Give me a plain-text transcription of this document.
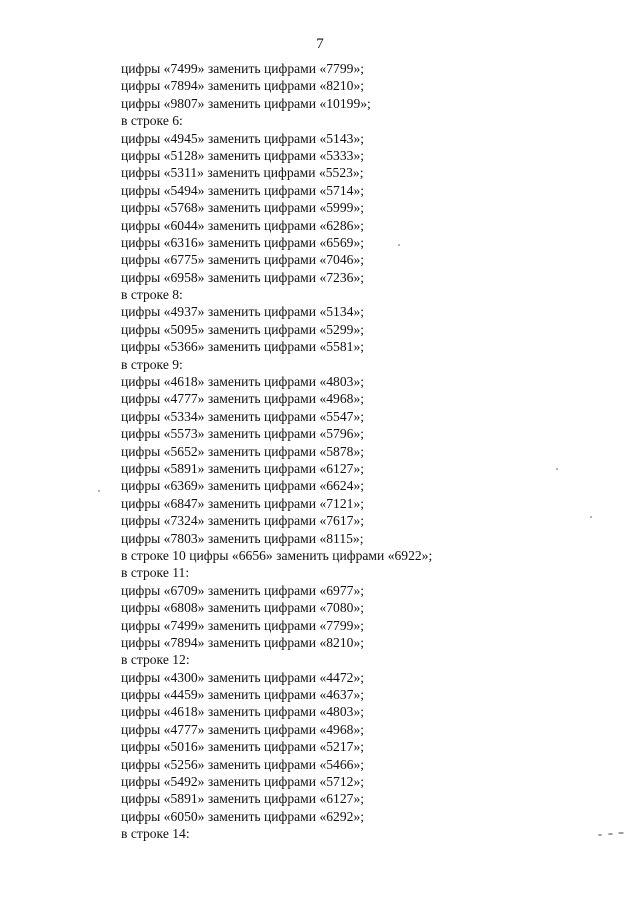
7
цифры «7499» заменить цифрами «7799»;
цифры «7894» заменить цифрами «8210»;
цифры «9807» заменить цифрами «10199»;
в строке 6:
цифры «4945» заменить цифрами «5143»;
цифры «5128» заменить цифрами «5333»;
цифры «5311» заменить цифрами «5523»;
цифры «5494» заменить цифрами «5714»;
цифры «5768» заменить цифрами «5999»;
цифры «6044» заменить цифрами «6286»;
цифры «6316» заменить цифрами «6569»;
цифры «6775» заменить цифрами «7046»;
цифры «6958» заменить цифрами «7236»;
в строке 8:
цифры «4937» заменить цифрами «5134»;
цифры «5095» заменить цифрами «5299»;
цифры «5366» заменить цифрами «5581»;
в строке 9:
цифры «4618» заменить цифрами «4803»;
цифры «4777» заменить цифрами «4968»;
цифры «5334» заменить цифрами «5547»;
цифры «5573» заменить цифрами «5796»;
цифры «5652» заменить цифрами «5878»;
цифры «5891» заменить цифрами «6127»;
цифры «6369» заменить цифрами «6624»;
цифры «6847» заменить цифрами «7121»;
цифры «7324» заменить цифрами «7617»;
цифры «7803» заменить цифрами «8115»;
в строке 10 цифры «6656» заменить цифрами «6922»;
в строке 11:
цифры «6709» заменить цифрами «6977»;
цифры «6808» заменить цифрами «7080»;
цифры «7499» заменить цифрами «7799»;
цифры «7894» заменить цифрами «8210»;
в строке 12:
цифры «4300» заменить цифрами «4472»;
цифры «4459» заменить цифрами «4637»;
цифры «4618» заменить цифрами «4803»;
цифры «4777» заменить цифрами «4968»;
цифры «5016» заменить цифрами «5217»;
цифры «5256» заменить цифрами «5466»;
цифры «5492» заменить цифрами «5712»;
цифры «5891» заменить цифрами «6127»;
цифры «6050» заменить цифрами «6292»;
в строке 14:
